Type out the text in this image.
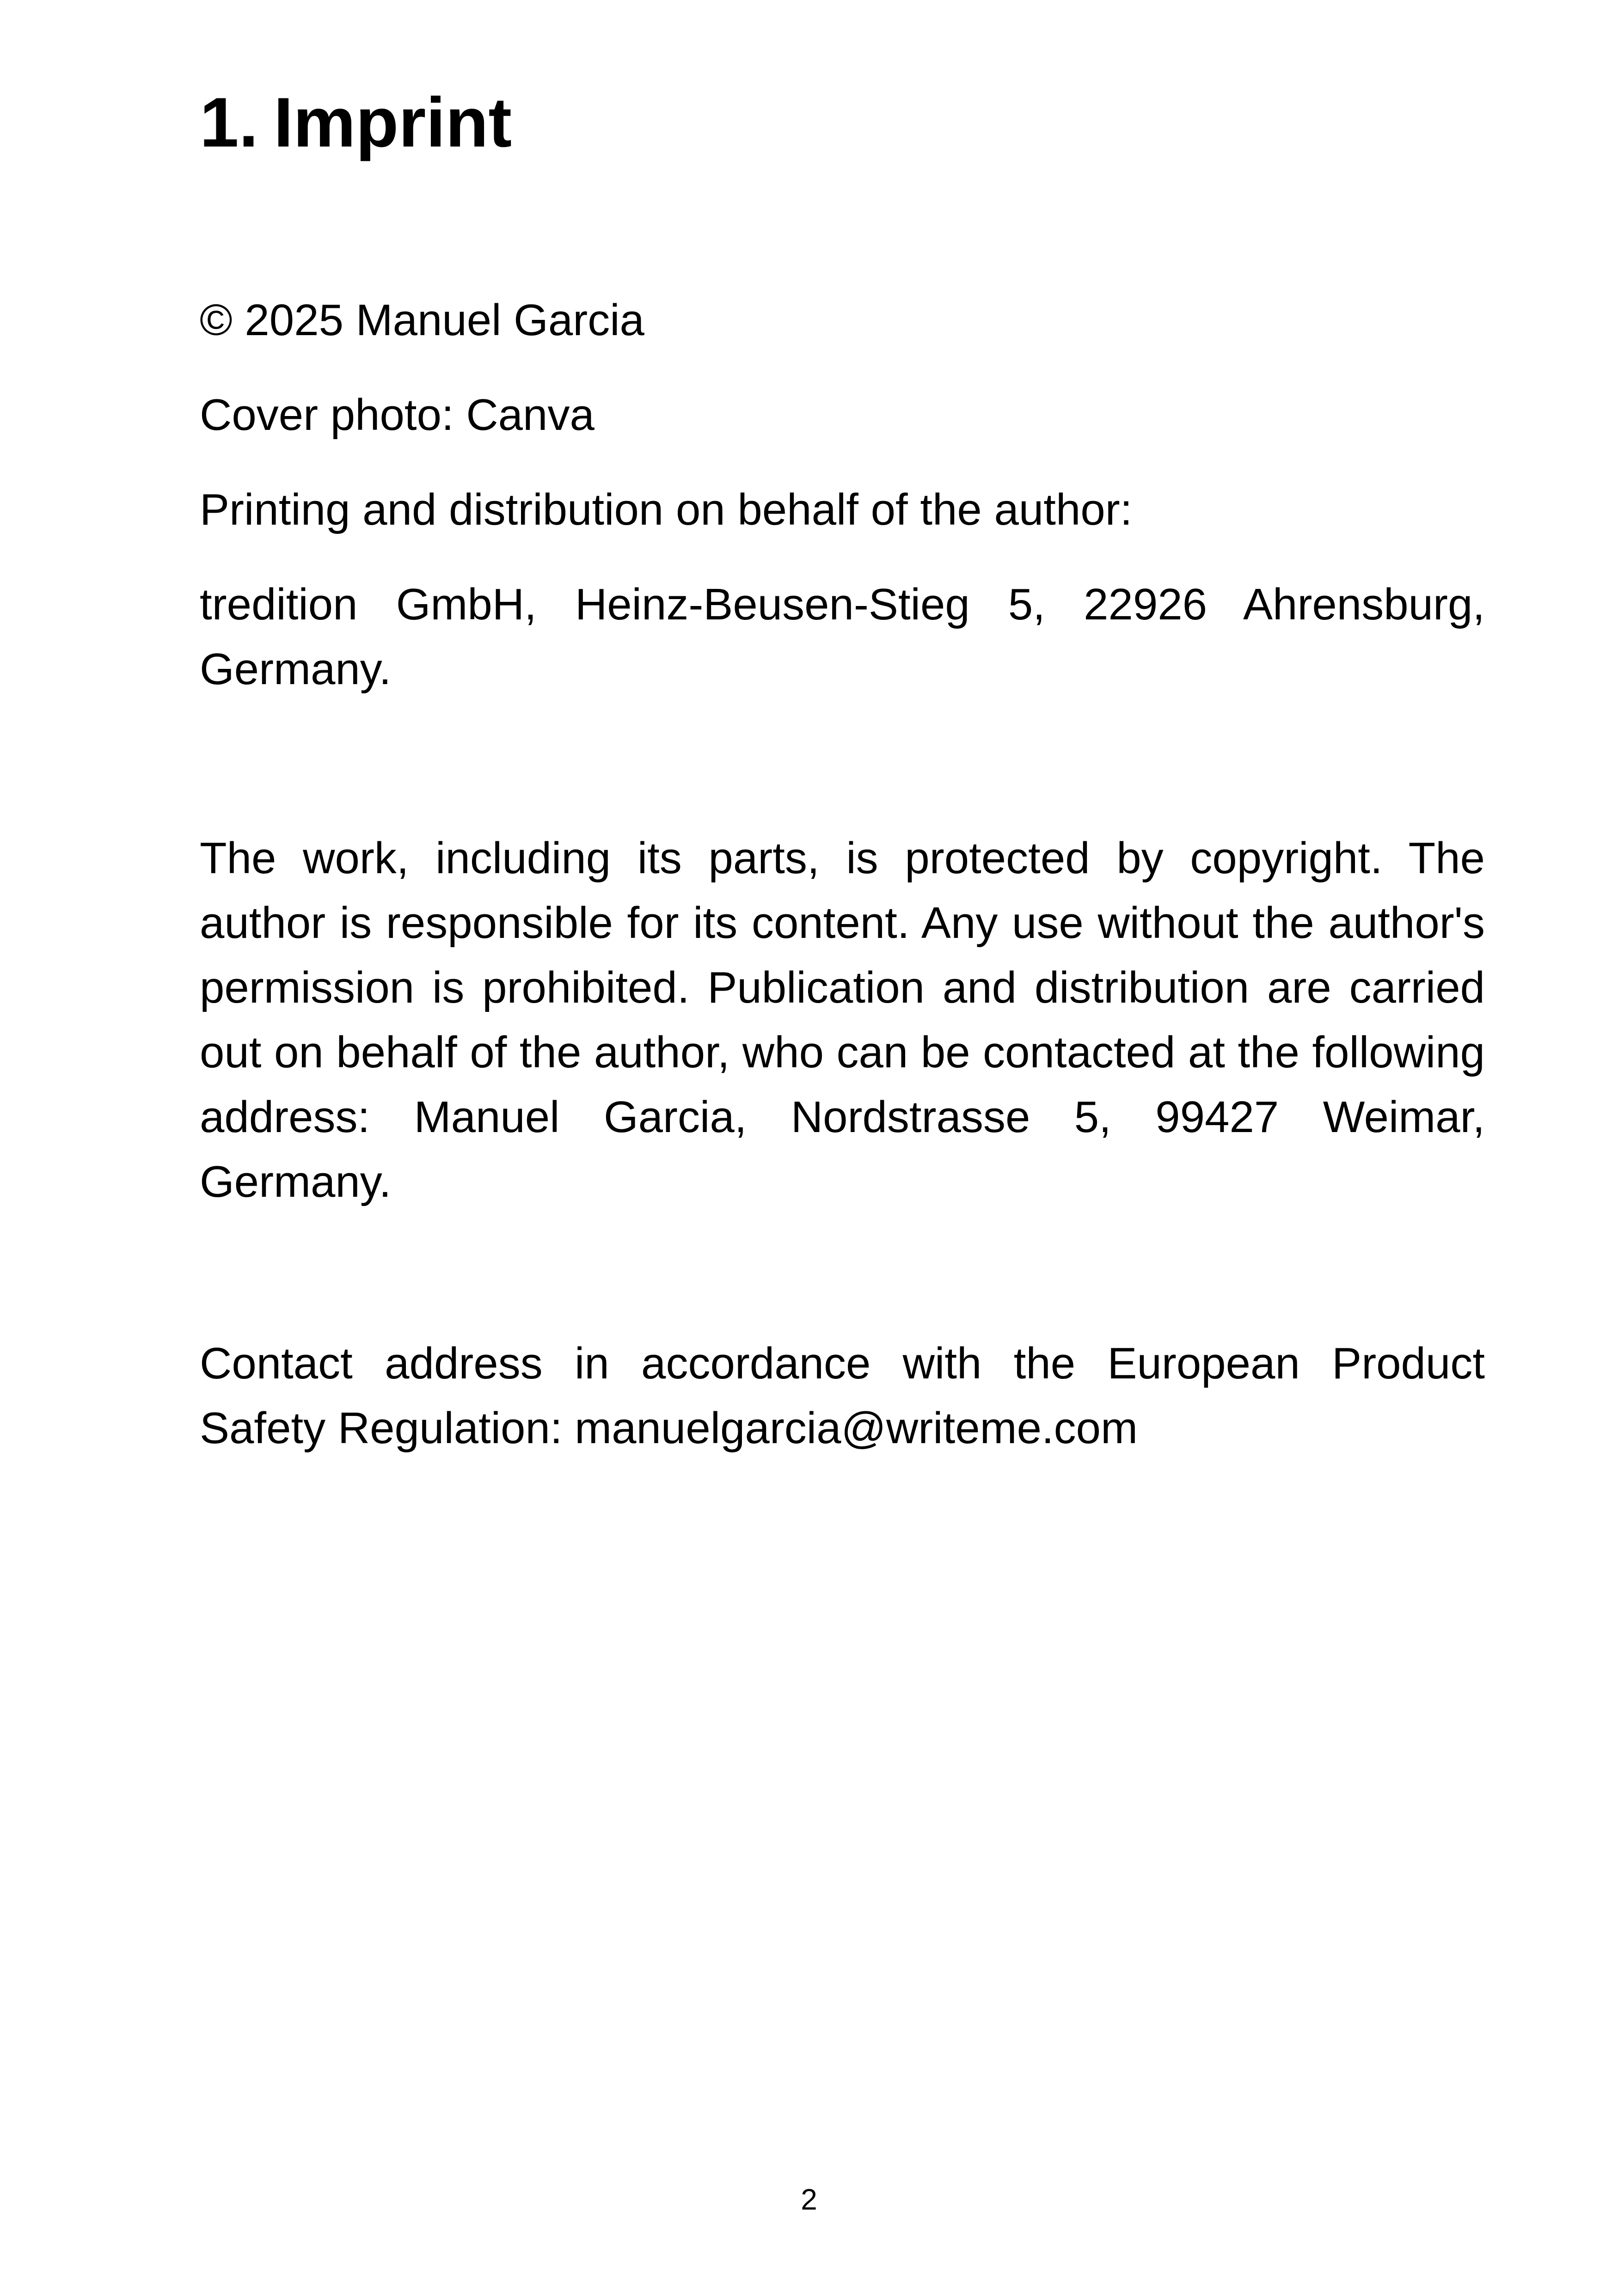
1. Imprint

© 2025 Manuel Garcia

Cover photo: Canva

Printing and distribution on behalf of the author:

tredition GmbH, Heinz-Beusen-Stieg 5, 22926 Ahrensburg, Germany.

The work, including its parts, is protected by copyright. The author is responsible for its content. Any use without the author's permission is prohibited. Publication and distribution are carried out on behalf of the author, who can be contacted at the following address: Manuel Garcia, Nordstrasse 5, 99427 Weimar, Germany.

Contact address in accordance with the European Product Safety Regulation: manuelgarcia@writeme.com

2
